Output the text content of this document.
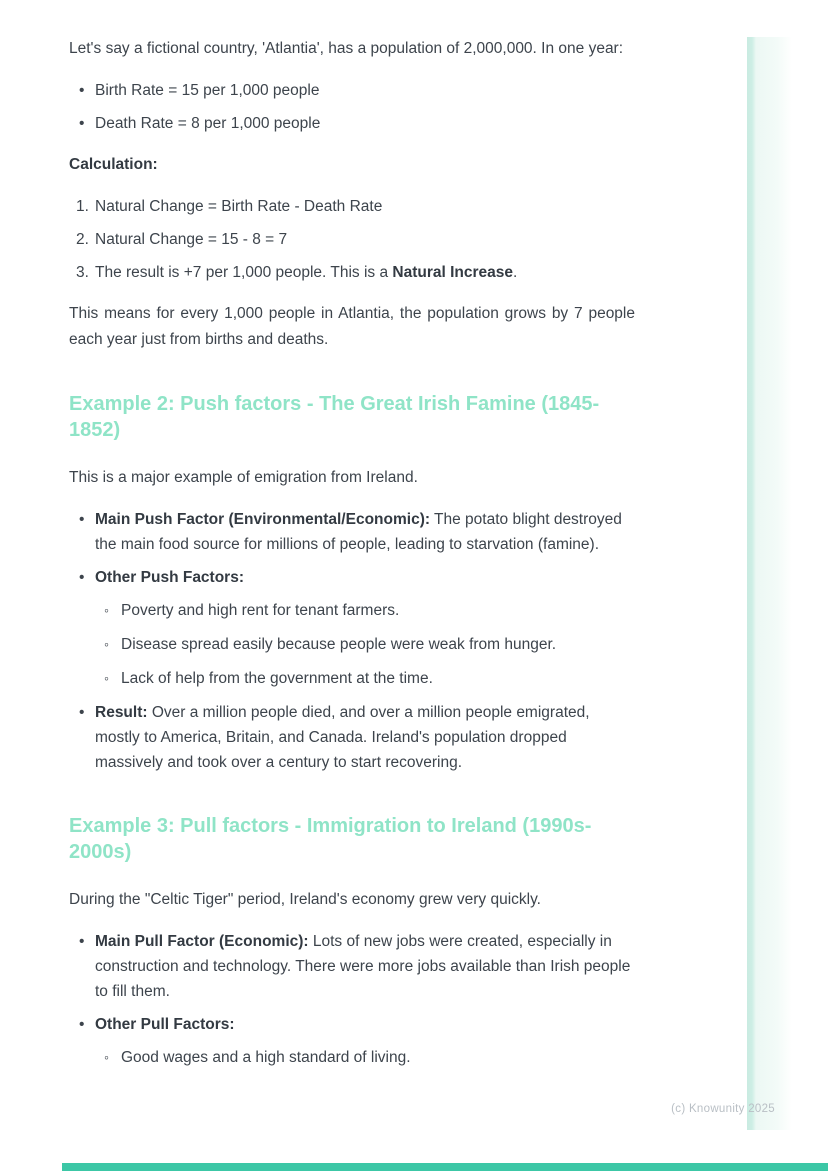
Let's say a fictional country, 'Atlantia', has a population of 2,000,000. In one year:

• Birth Rate = 15 per 1,000 people
• Death Rate = 8 per 1,000 people

Calculation:

Natural Change = Birth Rate - Death Rate
Natural Change = 15 - 8 = 7
The result is +7 per 1,000 people. This is a Natural Increase.

This means for every 1,000 people in Atlantia, the population grows by 7 people each year just from births and deaths.

Example 2: Push factors - The Great Irish Famine (1845-1852)

This is a major example of emigration from Ireland.

• Main Push Factor (Environmental/Economic): The potato blight destroyed the main food source for millions of people, leading to starvation (famine).
• Other Push Factors:
◦ Poverty and high rent for tenant farmers.
◦ Disease spread easily because people were weak from hunger.
◦ Lack of help from the government at the time.
• Result: Over a million people died, and over a million people emigrated, mostly to America, Britain, and Canada. Ireland's population dropped massively and took over a century to start recovering.
Example 3: Pull factors - Immigration to Ireland (1990s-2000s)

During the "Celtic Tiger" period, Ireland's economy grew very quickly.

• Main Pull Factor (Economic): Lots of new jobs were created, especially in construction and technology. There were more jobs available than Irish people to fill them.
• Other Pull Factors:
◦ Good wages and a high standard of living.
(c) Knowunity 2025
